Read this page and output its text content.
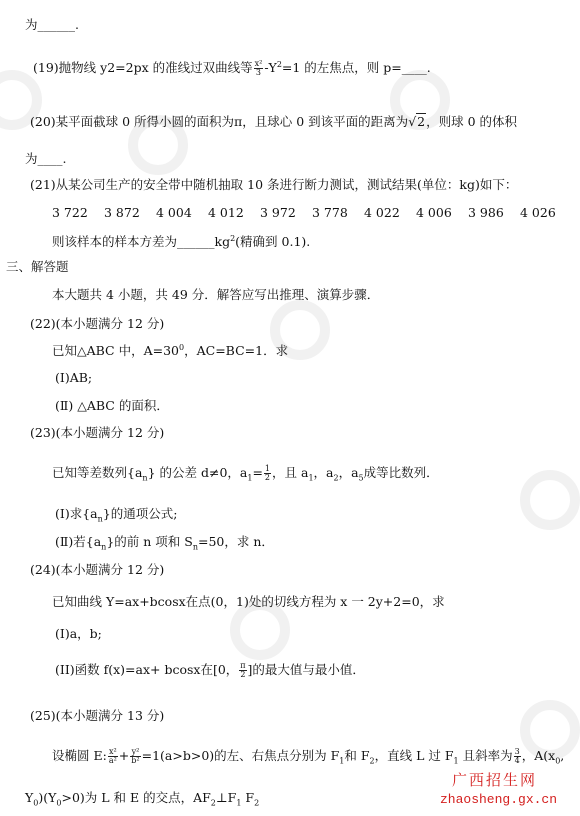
为______.
(19)抛物线 y2=2px 的准线过双曲线等 $\frac{\text{x²}}{3} -Y^2=1$ 的左焦点，则 p=____.
(20)某平面截球 0 所得小圆的面积为π，且球心 0 到该平面的距离为√2，则球 0 的体积
为____.
(21)从某公司生产的安全带中随机抽取 10 条进行断力测试，测试结果(单位：kg)如下：
3 722 3 872 4 004 4 012 3 972 3 778 4 022 4 006 3 986 4 026
则该样本的样本方差为$\_\_\_\_\_\_kg^2$(精确到 0.1).
三、解答题
本大题共 4 小题，共 49 分．解答应写出推理、演算步骤．
(22)(本小题满分 12 分)
已知△ABC 中，$A=30^0$，AC=BC=1．求
(I)AB;
(Ⅱ) △ABC 的面积．
(23)(本小题满分 12 分)
已知等差数列$\{a_n\}$ 的公差 d≠0，$a_1= \frac{1}{2}$ ，且 $a_1$，$a_2$，$a_5$成等比数列．
(I)求$\{a_n\}$的通项公式;
(Ⅱ)若$\{a_n\}$的前 n 项和 $S_n=50$，求 n．
(24)(本小题满分 12 分)
已知曲线 Y=ax+bcosx在点(0，1)处的切线方程为 x 一 2y+2=0，求
(I)a，b;
(II)函数 f(x)=ax+ bcosx在[0， $\frac{\pi}{2}$ ]的最大值与最小值．
(25)(本小题满分 13 分)
设椭圆 E: $\frac{\text{x²}}{\text{a²}} + \frac{\text{y²}}{\text{b²}} =1(a>b>0)$的左、右焦点分别为 $F_1$和 $F_2$，直线 L 过 $F_1$ 且斜率为 $\frac{3}{4}$ ，$A(x_0$,
$Y_0)(Y_0>0)$为 L 和 E 的交点，$AF_2\perp F_1$ $F_2$
广西招生网
zhaosheng.gx.cn
